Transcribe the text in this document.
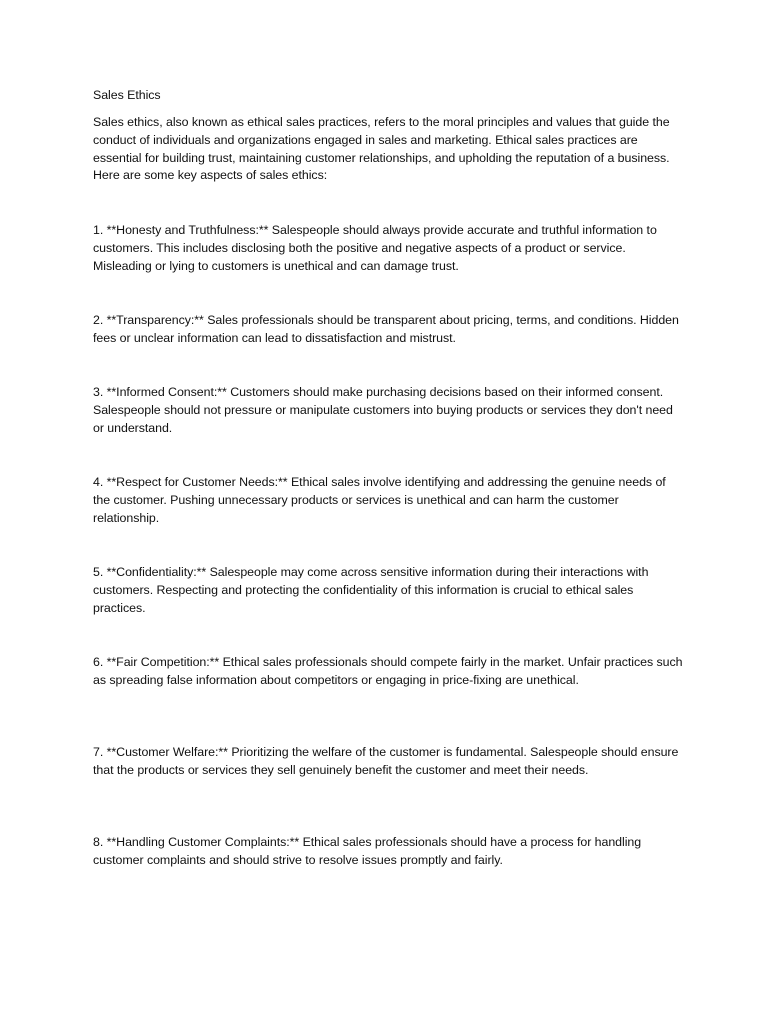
Sales Ethics

Sales ethics, also known as ethical sales practices, refers to the moral principles and values that guide the conduct of individuals and organizations engaged in sales and marketing. Ethical sales practices are essential for building trust, maintaining customer relationships, and upholding the reputation of a business. Here are some key aspects of sales ethics:

1. **Honesty and Truthfulness:** Salespeople should always provide accurate and truthful information to customers. This includes disclosing both the positive and negative aspects of a product or service. Misleading or lying to customers is unethical and can damage trust.

2. **Transparency:** Sales professionals should be transparent about pricing, terms, and conditions. Hidden fees or unclear information can lead to dissatisfaction and mistrust.

3. **Informed Consent:** Customers should make purchasing decisions based on their informed consent. Salespeople should not pressure or manipulate customers into buying products or services they don't need or understand.

4. **Respect for Customer Needs:** Ethical sales involve identifying and addressing the genuine needs of the customer. Pushing unnecessary products or services is unethical and can harm the customer relationship.

5. **Confidentiality:** Salespeople may come across sensitive information during their interactions with customers. Respecting and protecting the confidentiality of this information is crucial to ethical sales practices.

6. **Fair Competition:** Ethical sales professionals should compete fairly in the market. Unfair practices such as spreading false information about competitors or engaging in price-fixing are unethical.

7. **Customer Welfare:** Prioritizing the welfare of the customer is fundamental. Salespeople should ensure that the products or services they sell genuinely benefit the customer and meet their needs.

8. **Handling Customer Complaints:** Ethical sales professionals should have a process for handling customer complaints and should strive to resolve issues promptly and fairly.
